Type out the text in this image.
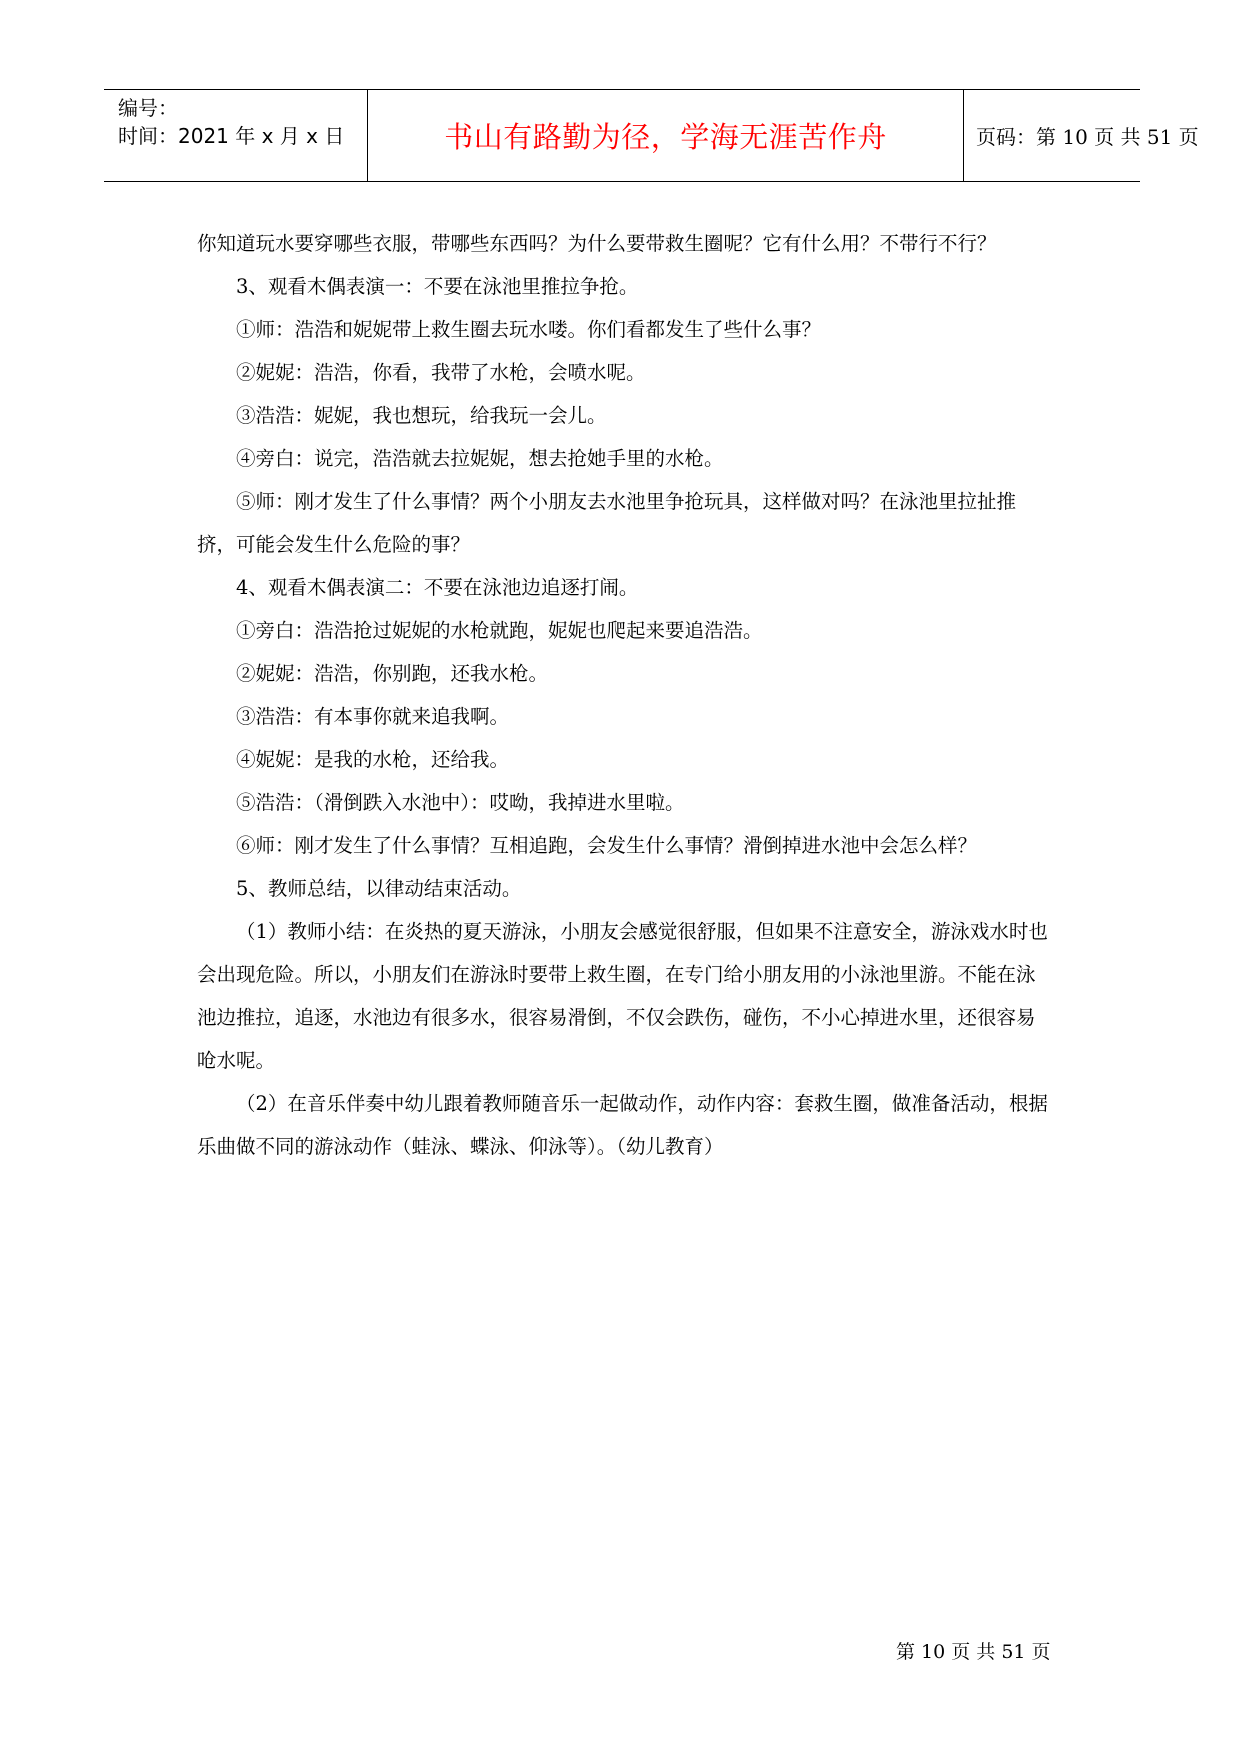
编号：
时间：2021 年 x 月 x 日	书山有路勤为径，学海无涯苦作舟	页码：第 10 页 共 51 页

你知道玩水要穿哪些衣服，带哪些东西吗？为什么要带救生圈呢？它有什么用？不带行不行？

3、观看木偶表演一：不要在泳池里推拉争抢。

①师：浩浩和妮妮带上救生圈去玩水喽。你们看都发生了些什么事？

②妮妮：浩浩，你看，我带了水枪，会喷水呢。

③浩浩：妮妮，我也想玩，给我玩一会儿。

④旁白：说完，浩浩就去拉妮妮，想去抢她手里的水枪。

⑤师：刚才发生了什么事情？两个小朋友去水池里争抢玩具，这样做对吗？在泳池里拉扯推挤，可能会发生什么危险的事？

4、观看木偶表演二：不要在泳池边追逐打闹。

①旁白：浩浩抢过妮妮的水枪就跑，妮妮也爬起来要追浩浩。

②妮妮：浩浩，你别跑，还我水枪。

③浩浩：有本事你就来追我啊。

④妮妮：是我的水枪，还给我。

⑤浩浩：（滑倒跌入水池中）：哎呦，我掉进水里啦。

⑥师：刚才发生了什么事情？互相追跑，会发生什么事情？滑倒掉进水池中会怎么样？

5、教师总结，以律动结束活动。

（1）教师小结：在炎热的夏天游泳，小朋友会感觉很舒服，但如果不注意安全，游泳戏水时也会出现危险。所以，小朋友们在游泳时要带上救生圈，在专门给小朋友用的小泳池里游。不能在泳池边推拉，追逐，水池边有很多水，很容易滑倒，不仅会跌伤，碰伤，不小心掉进水里，还很容易呛水呢。

（2）在音乐伴奏中幼儿跟着教师随音乐一起做动作，动作内容：套救生圈，做准备活动，根据乐曲做不同的游泳动作（蛙泳、蝶泳、仰泳等）。（幼儿教育）

第 10 页 共 51 页
